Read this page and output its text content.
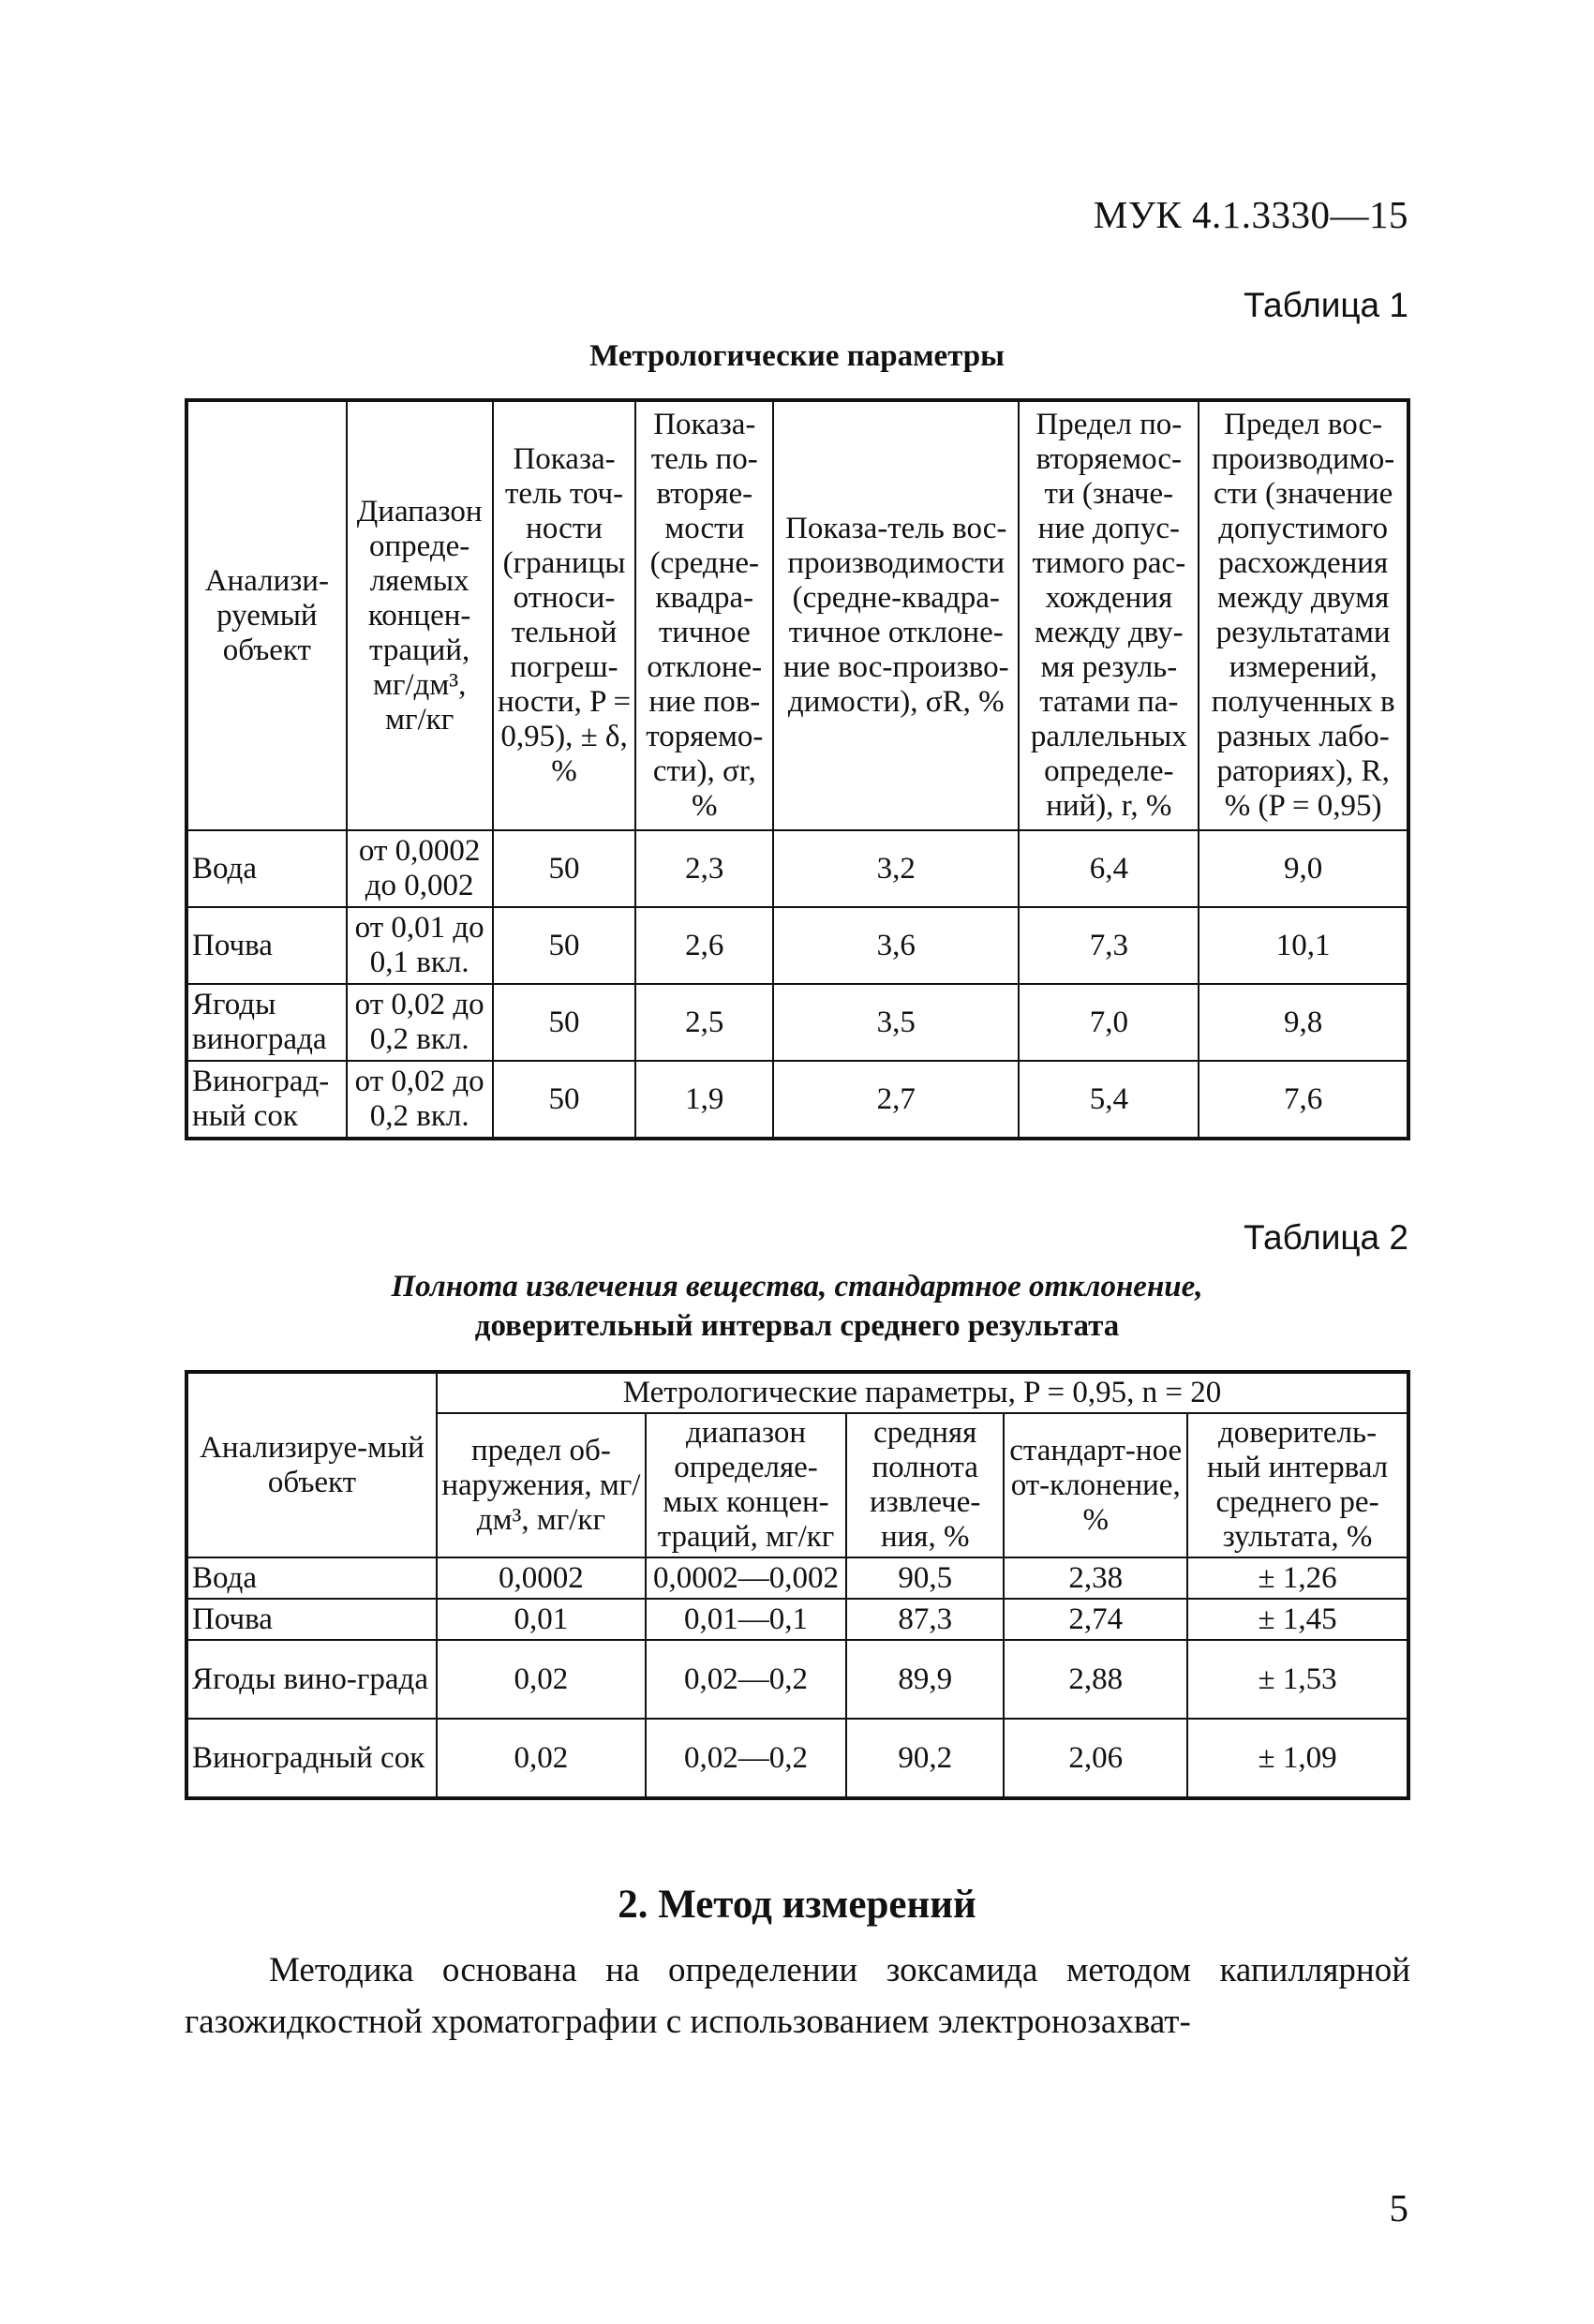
МУК 4.1.3330—15
Таблица 1
Метрологические параметры
Анализи-руемый объект	Диапазон опреде-ляемых концен-траций, мг/дм³, мг/кг	Показа-тель точ-ности (границы относи-тельной погреш-ности, P = 0,95), ± δ, %	Показа-тель по-вторяе-мости (средне-квадра-тичное отклоне-ние пов-торяемо-сти), σr, %	Показа-тель вос-производимости (средне-квадра-тичное отклоне-ние вос-произво-димости), σR, %	Предел по-вторяемос-ти (значе-ние допус-тимого рас-хождения между дву-мя резуль-татами па-раллельных определе-ний), r, %	Предел вос-производимо-сти (значение допустимого расхождения между двумя результатами измерений, полученных в разных лабо-раториях), R, % (P = 0,95)
Вода	от 0,0002 до 0,002	50	2,3	3,2	6,4	9,0
Почва	от 0,01 до 0,1 вкл.	50	2,6	3,6	7,3	10,1
Ягоды винограда	от 0,02 до 0,2 вкл.	50	2,5	3,5	7,0	9,8
Виноград-ный сок	от 0,02 до 0,2 вкл.	50	1,9	2,7	5,4	7,6
Таблица 2
Полнота извлечения вещества, стандартное отклонение,
доверительный интервал среднего результата
Анализируе-мый объект	Метрологические параметры, P = 0,95, n = 20				
	предел об-наружения, мг/дм³, мг/кг	диапазон определяе-мых концен-траций, мг/кг	средняя полнота извлече-ния, %	стандарт-ное от-клонение, %	доверитель-ный интервал среднего ре-зультата, %
Вода	0,0002	0,0002—0,002	90,5	2,38	± 1,26
Почва	0,01	0,01—0,1	87,3	2,74	± 1,45
Ягоды вино-града	0,02	0,02—0,2	89,9	2,88	± 1,53
Виноградный сок	0,02	0,02—0,2	90,2	2,06	± 1,09
2. Метод измерений
Методика основана на определении зоксамида методом капиллярной газожидкостной хроматографии с использованием электронозахват-
5
